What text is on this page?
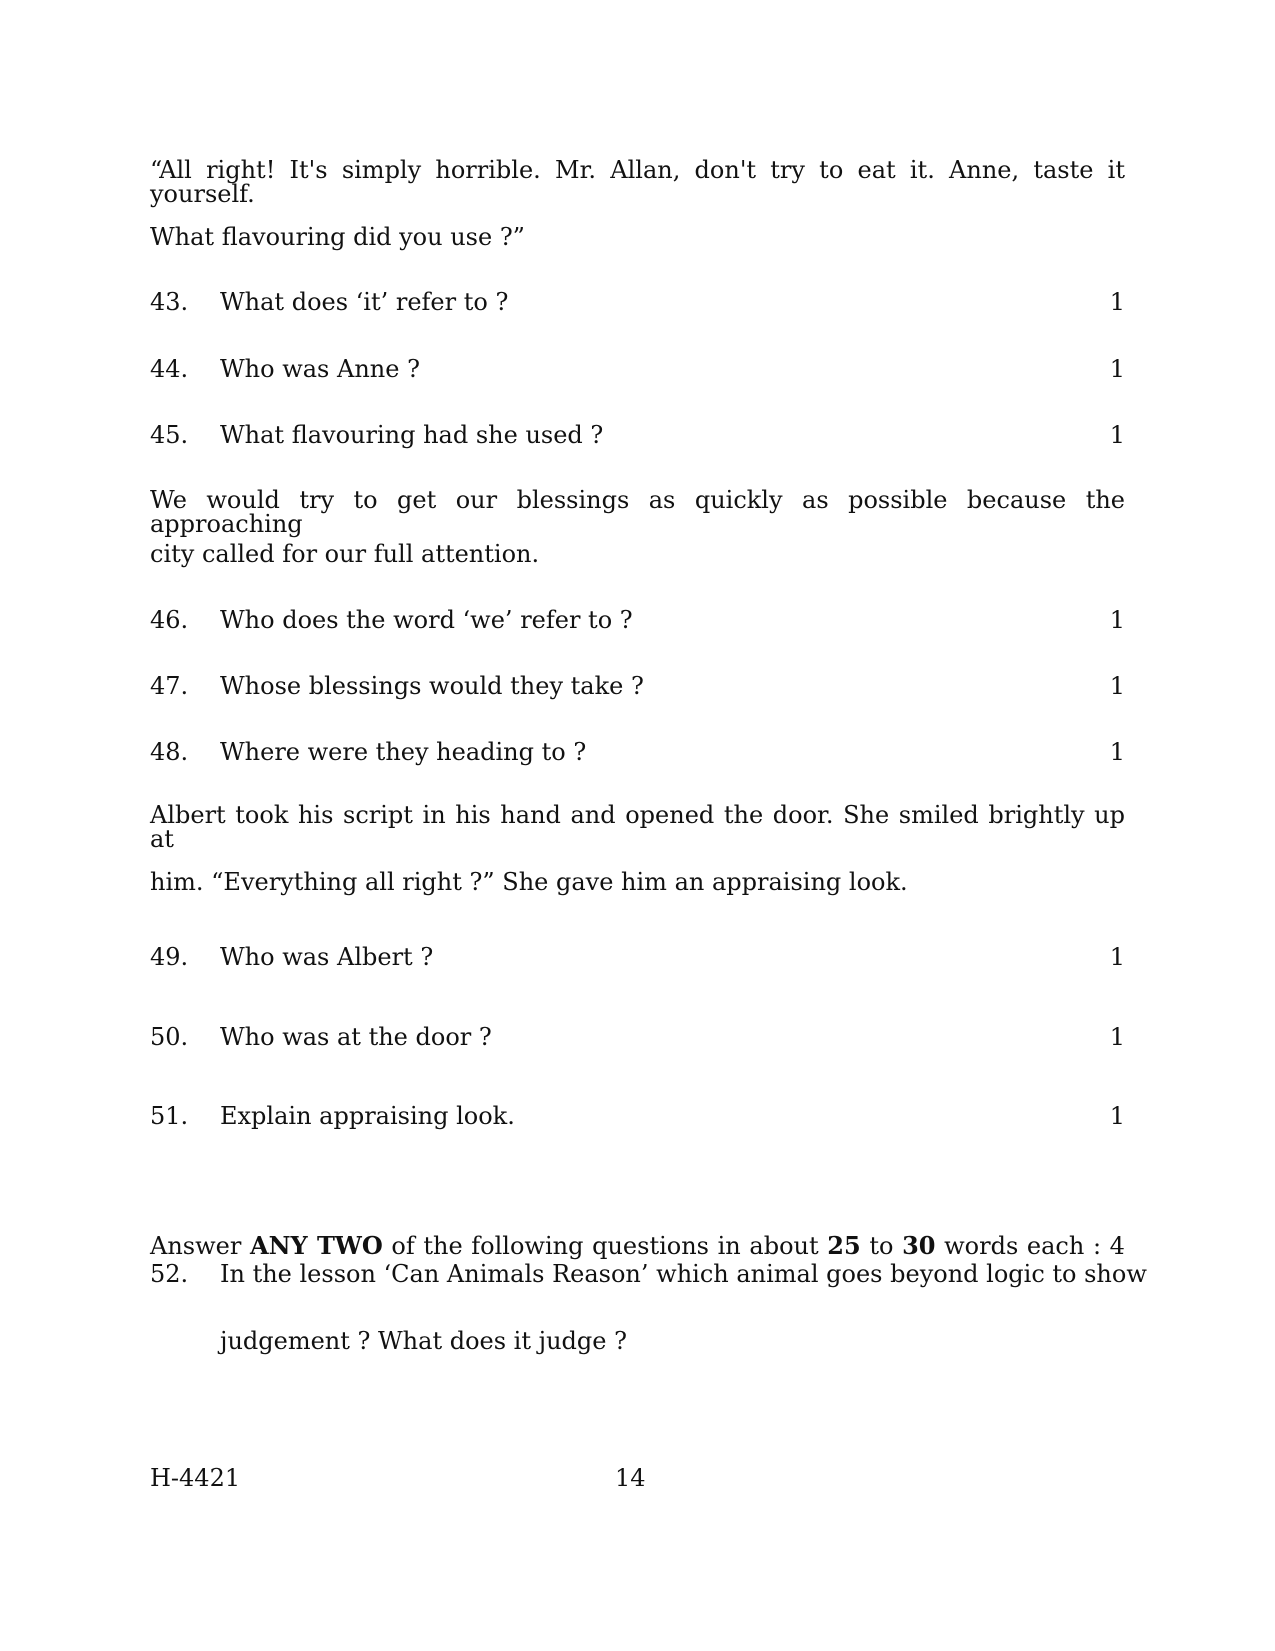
“All right! It's simply horrible. Mr. Allan, don't try to eat it. Anne, taste it yourself.
What flavouring did you use ?”
43. What does ‘it’ refer to ?	1
44. Who was Anne ?	1
45. What flavouring had she used ?	1
We would try to get our blessings as quickly as possible because the approaching
city called for our full attention.
46. Who does the word ‘we’ refer to ?	1
47. Whose blessings would they take ?	1
48. Where were they heading to ?	1
Albert took his script in his hand and opened the door. She smiled brightly up at
him. “Everything all right ?” She gave him an appraising look.
49. Who was Albert ?	1
50. Who was at the door ?	1
51. Explain appraising look.	1
Answer ANY TWO of the following questions in about 25 to 30 words each : 4
52. In the lesson ‘Can Animals Reason’ which animal goes beyond logic to show
judgement ? What does it judge ?
H-4421	14
